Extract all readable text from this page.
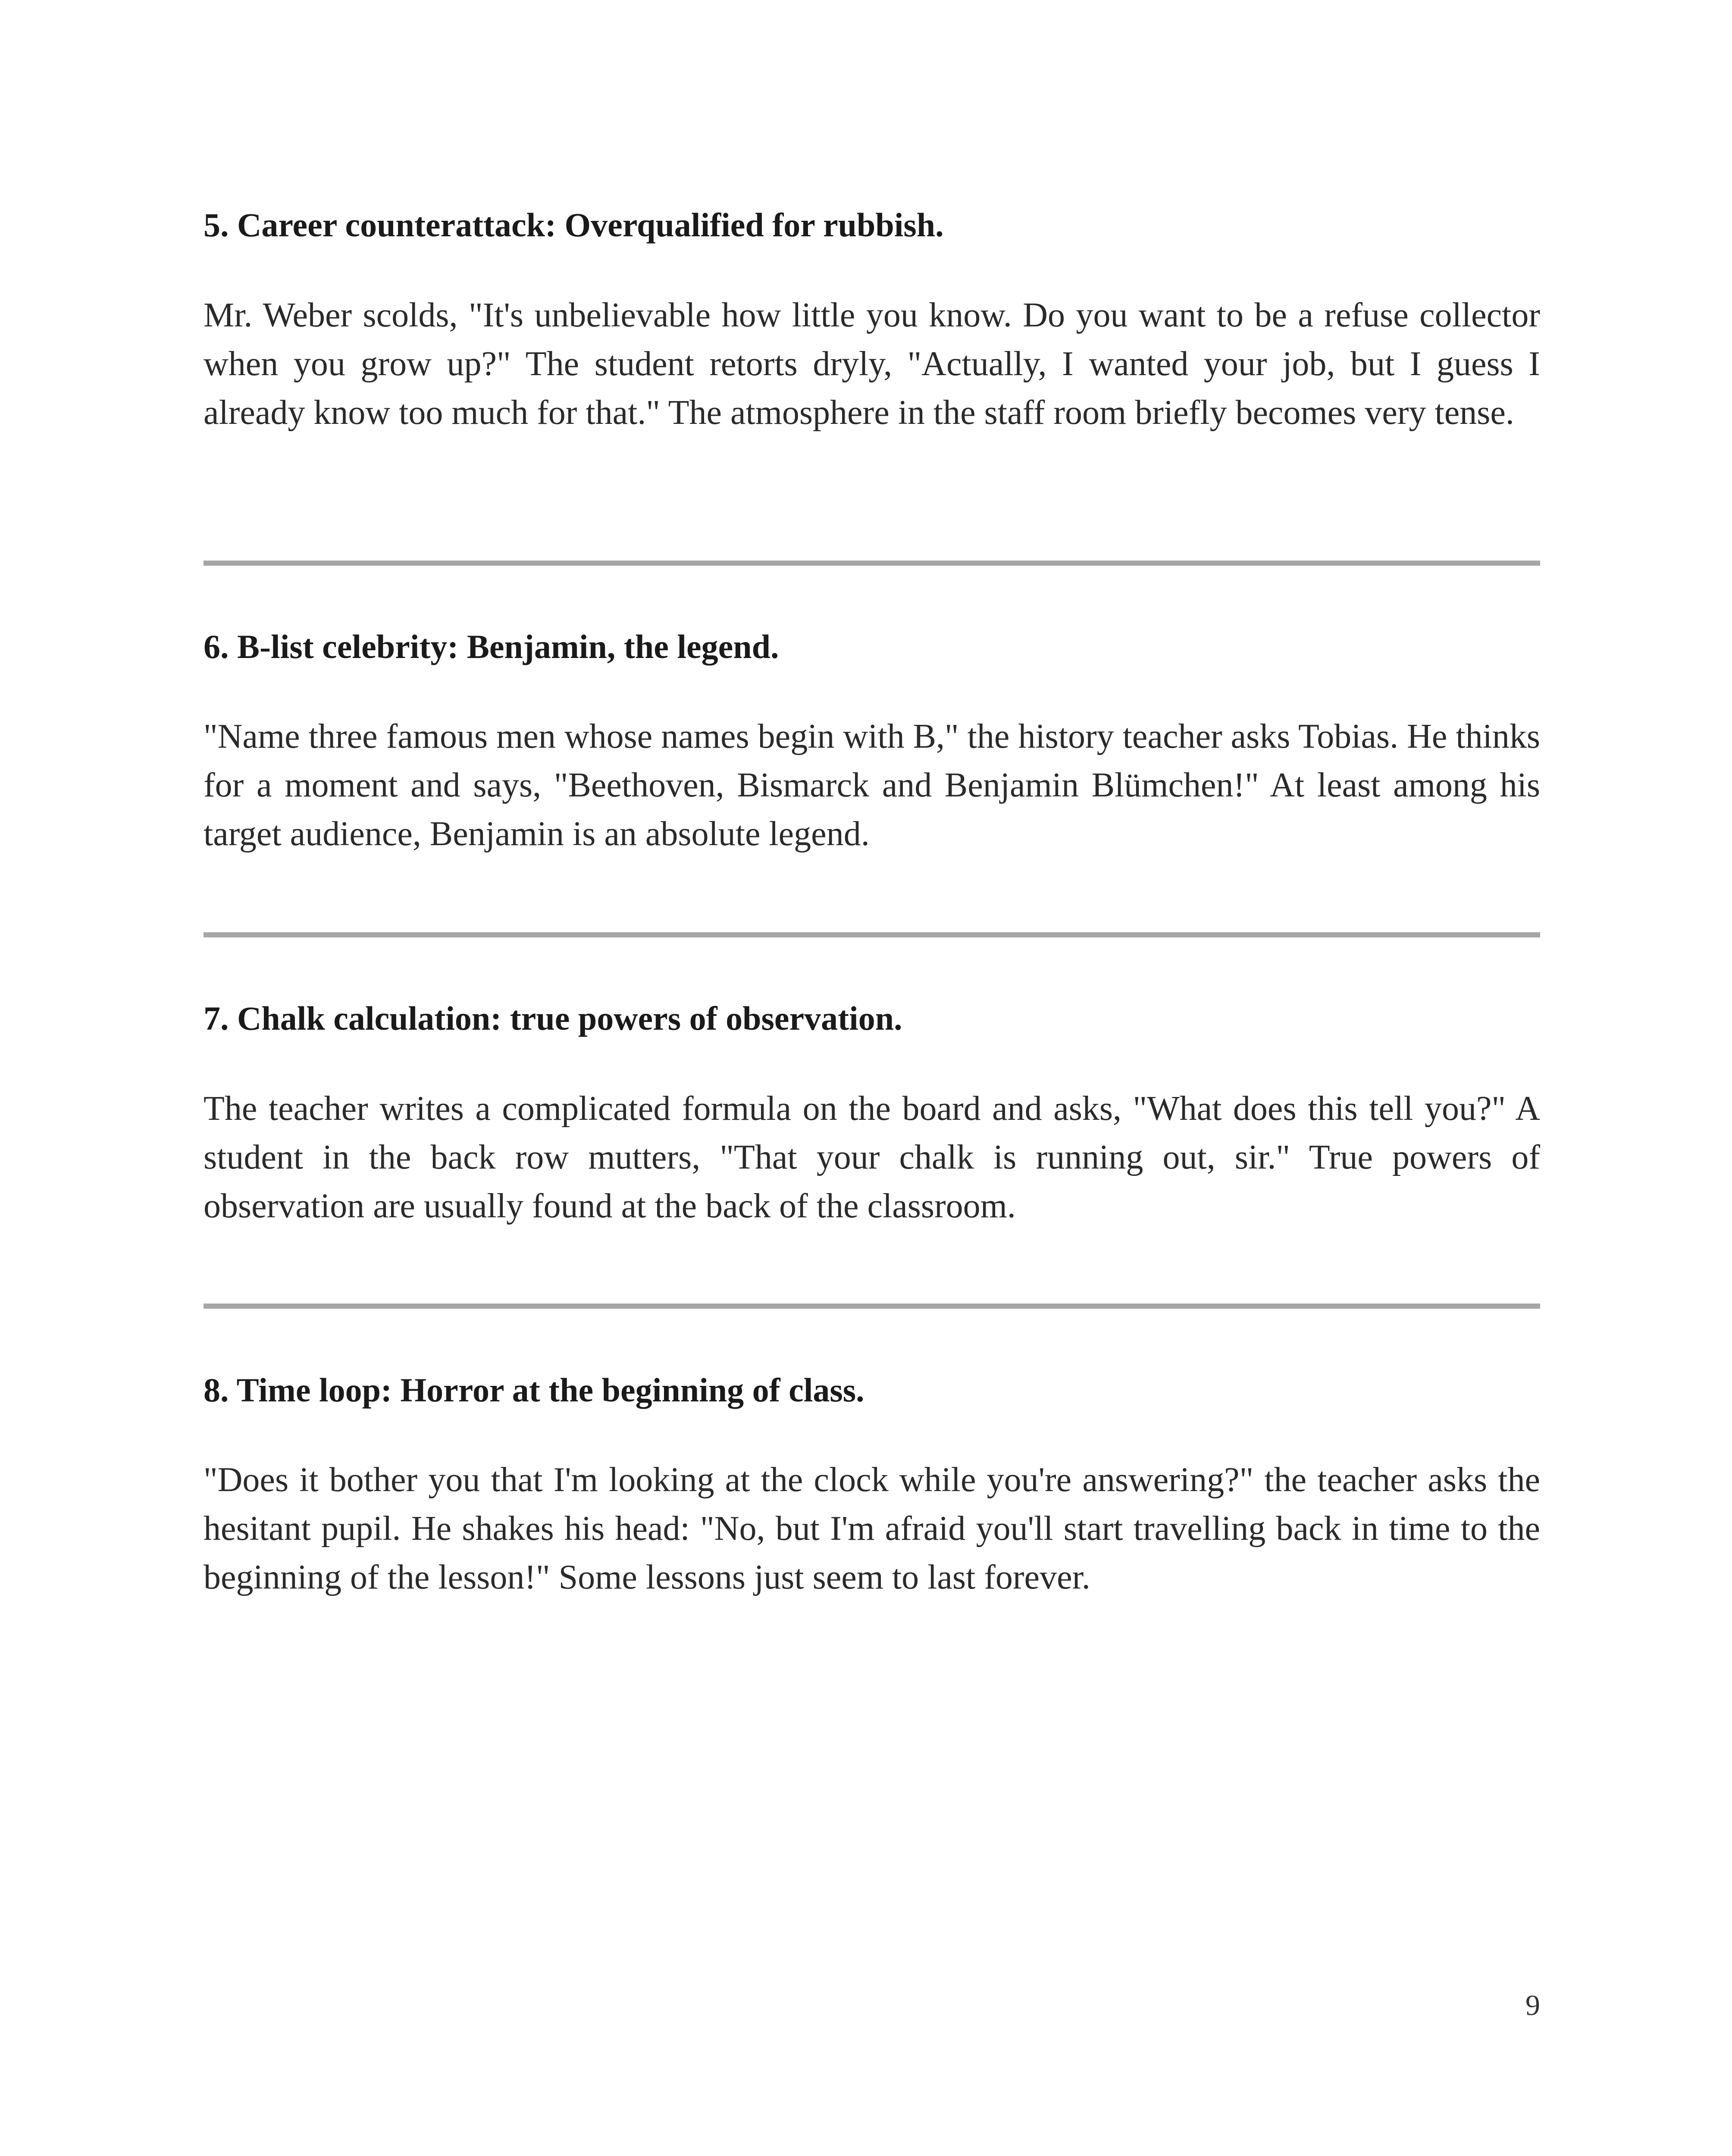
5. Career counterattack: Overqualified for rubbish.

Mr. Weber scolds, "It's unbelievable how little you know. Do you want to be a refuse collector when you grow up?" The student retorts dryly, "Actually, I wanted your job, but I guess I already know too much for that." The atmosphere in the staff room briefly becomes very tense.

6. B-list celebrity: Benjamin, the legend.

"Name three famous men whose names begin with B," the history teacher asks Tobias. He thinks for a moment and says, "Beethoven, Bismarck and Benjamin Blümchen!" At least among his target audience, Benjamin is an absolute legend.

7. Chalk calculation: true powers of observation.

The teacher writes a complicated formula on the board and asks, "What does this tell you?" A student in the back row mutters, "That your chalk is running out, sir." True powers of observation are usually found at the back of the classroom.

8. Time loop: Horror at the beginning of class.

"Does it bother you that I'm looking at the clock while you're answering?" the teacher asks the hesitant pupil. He shakes his head: "No, but I'm afraid you'll start travelling back in time to the beginning of the lesson!" Some lessons just seem to last forever.

9
